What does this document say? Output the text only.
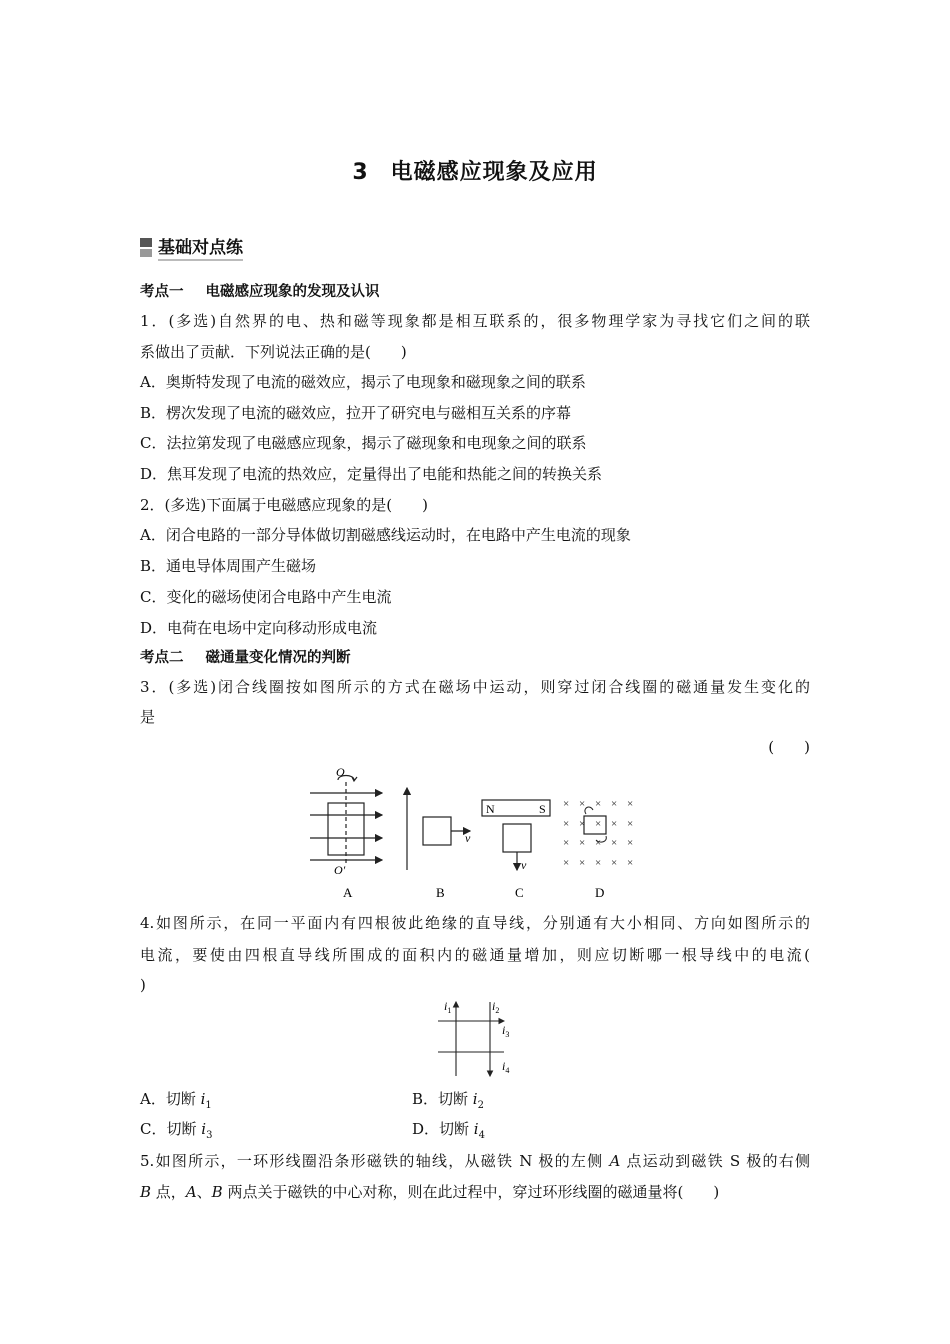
3 电磁感应现象及应用
基础对点练
考点一 电磁感应现象的发现及认识
1．(多选)自然界的电、热和磁等现象都是相互联系的，很多物理学家为寻找它们之间的联
系做出了贡献．下列说法正确的是(　　)
A．奥斯特发现了电流的磁效应，揭示了电现象和磁现象之间的联系
B．楞次发现了电流的磁效应，拉开了研究电与磁相互关系的序幕
C．法拉第发现了电磁感应现象，揭示了磁现象和电现象之间的联系
D．焦耳发现了电流的热效应，定量得出了电能和热能之间的转换关系
2．(多选)下面属于电磁感应现象的是(　　)
A．闭合电路的一部分导体做切割磁感线运动时，在电路中产生电流的现象
B．通电导体周围产生磁场
C．变化的磁场使闭合电路中产生电流
D．电荷在电场中定向移动形成电流
考点二 磁通量变化情况的判断
3．(多选)闭合线圈按如图所示的方式在磁场中运动，则穿过闭合线圈的磁通量发生变化的
是
(　　)
O
O′
A
v
B
N	S
v
C
× × × × ×
× × × × ×
× × × × ×
× × × × ×
D
4.如图所示，在同一平面内有四根彼此绝缘的直导线，分别通有大小相同、方向如图所示的
电流，要使由四根直导线所围成的面积内的磁通量增加，则应切断哪一根导线中的电流(
)
$i_1$	$i_2$
$i_3$
$i_4$
A．切断 $i_1$	B．切断 $i_2$
C．切断 $i_3$	D．切断 $i_4$
5.如图所示，一环形线圈沿条形磁铁的轴线，从磁铁 N 极的左侧 A 点运动到磁铁 S 极的右侧
B 点，A、B 两点关于磁铁的中心对称，则在此过程中，穿过环形线圈的磁通量将(　　)
